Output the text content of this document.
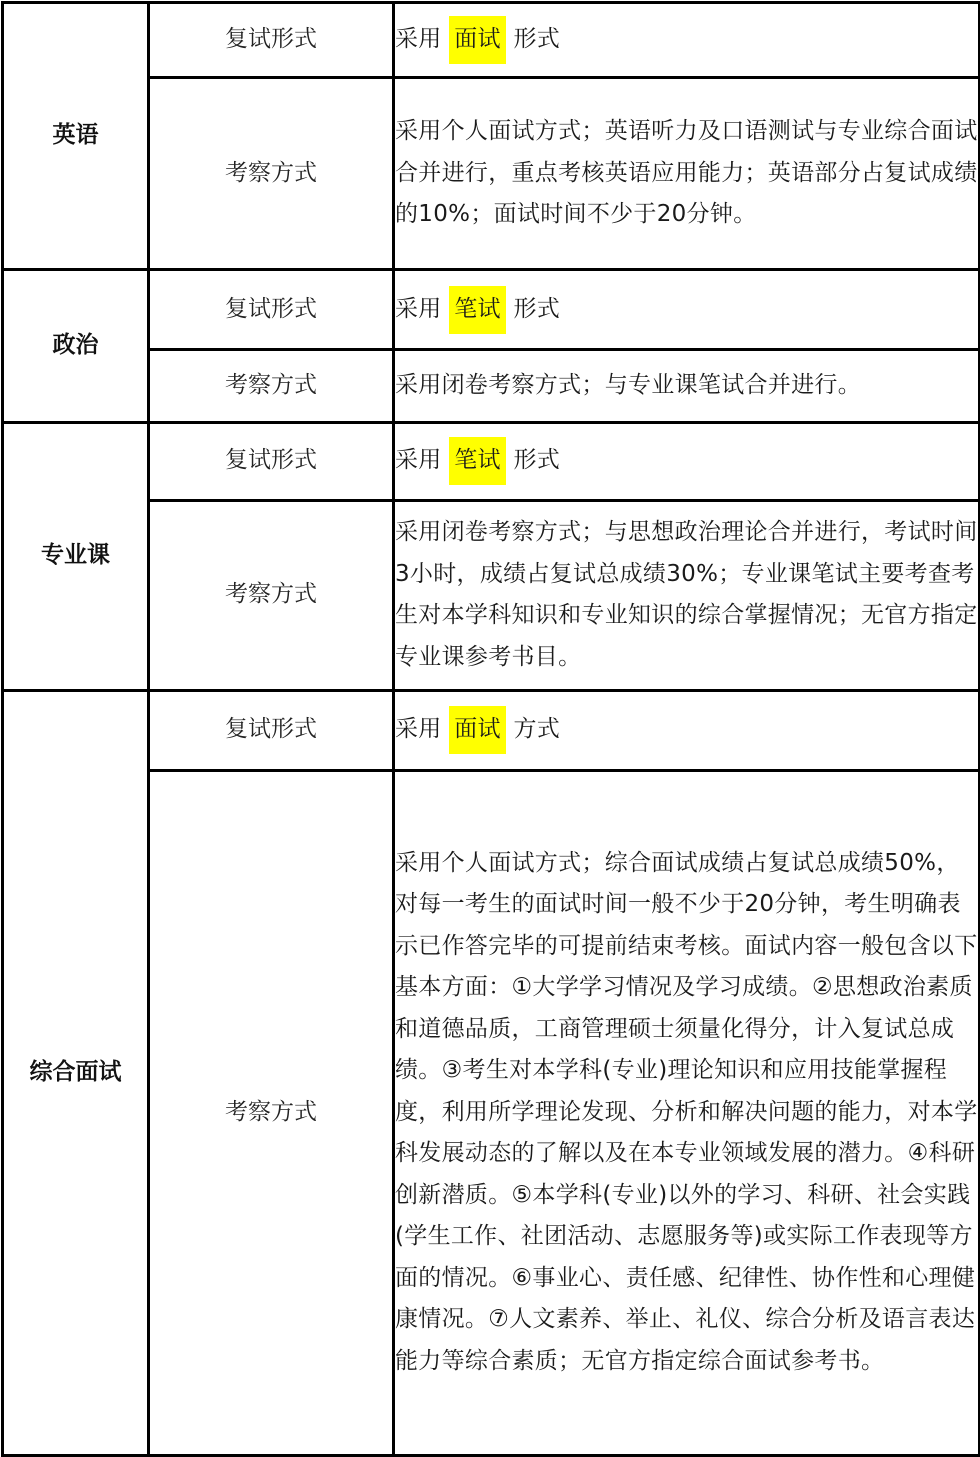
英语	复试形式	采用 面试 形式
	考察方式	采用个人面试方式；英语听力及口语测试与专业综合面试合并进行，重点考核英语应用能力；英语部分占复试成绩的10%；面试时间不少于20分钟。
政治	复试形式	采用 笔试 形式
	考察方式	采用闭卷考察方式；与专业课笔试合并进行。
专业课	复试形式	采用 笔试 形式
	考察方式	采用闭卷考察方式；与思想政治理论合并进行，考试时间3小时，成绩占复试总成绩30%；专业课笔试主要考查考生对本学科知识和专业知识的综合掌握情况；无官方指定专业课参考书目。
综合面试	复试形式	采用 面试 方式
	考察方式	采用个人面试方式；综合面试成绩占复试总成绩50%，对每一考生的面试时间一般不少于20分钟，考生明确表示已作答完毕的可提前结束考核。面试内容一般包含以下基本方面：①大学学习情况及学习成绩。②思想政治素质和道德品质，工商管理硕士须量化得分，计入复试总成绩。③考生对本学科(专业)理论知识和应用技能掌握程度，利用所学理论发现、分析和解决问题的能力，对本学科发展动态的了解以及在本专业领域发展的潜力。④科研创新潜质。⑤本学科(专业)以外的学习、科研、社会实践(学生工作、社团活动、志愿服务等)或实际工作表现等方面的情况。⑥事业心、责任感、纪律性、协作性和心理健康情况。⑦人文素养、举止、礼仪、综合分析及语言表达能力等综合素质；无官方指定综合面试参考书。
